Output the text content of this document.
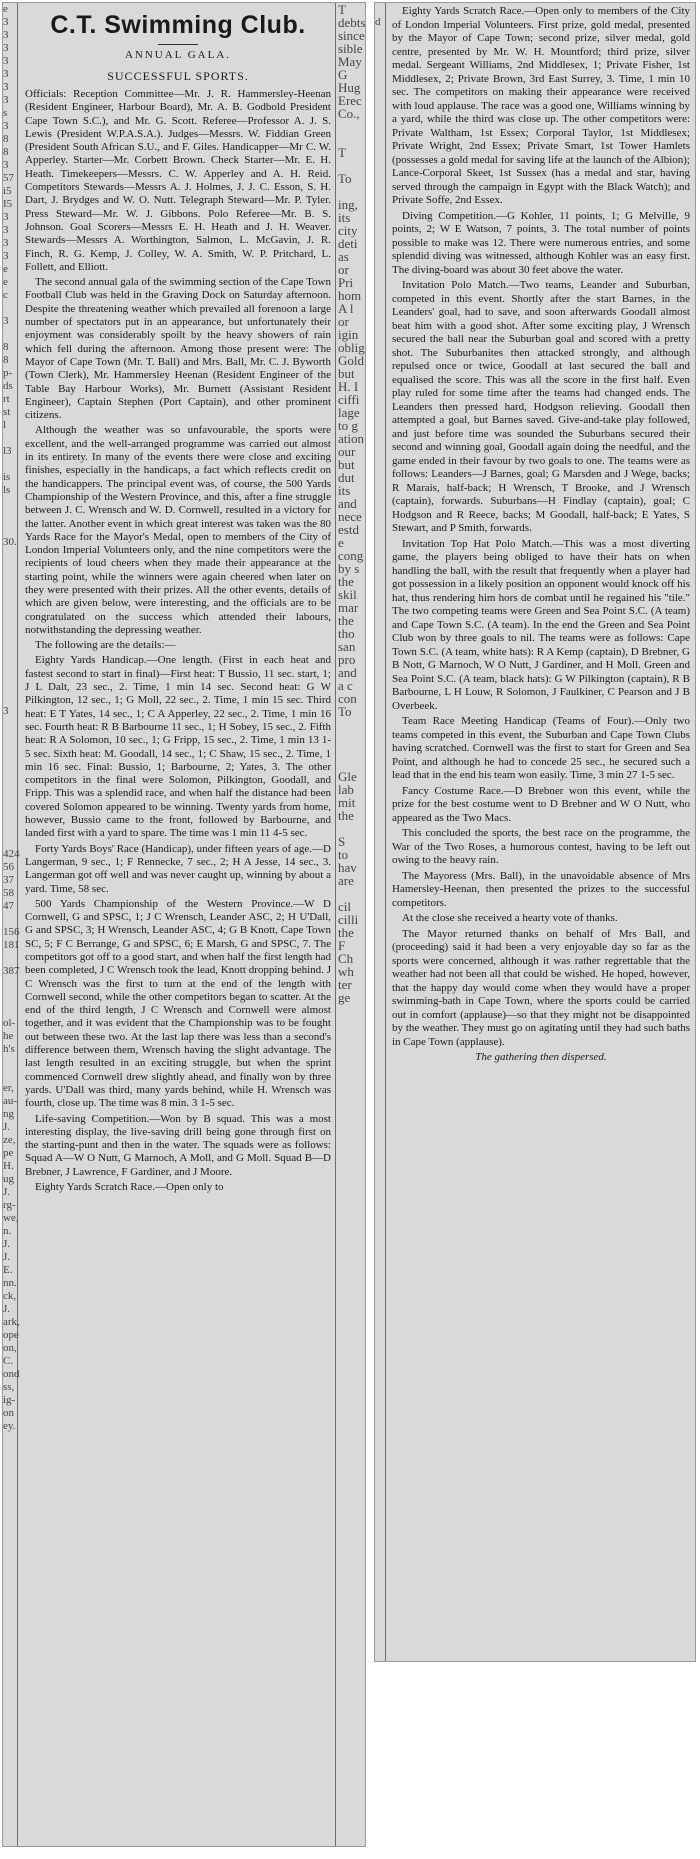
e
3
3
3
3
3
3
3
s
3
8
8
3
57
i5
I5
3
3
3
3
e
e
c

3

8
8
p-
ds
rt
st
l

l3

is
ls

30.

3

424
56
37
58
47

156
181

387

ol-
he
h's

er,
au-
ng
J.
ze,
pe
H.
ug
J.
rg-
we,
n.
J.
J.
E.
nn.
ck,
J.
ark,
ope
on,
C.
ond
ss,
ig-
on
ey.
C.T. Swimming Club.
ANNUAL GALA.
SUCCESSFUL SPORTS.

Officials: Reception Committee—Mr. J. R. Hammersley-Heenan (Resident Engineer, Harbour Board), Mr. A. B. Godbold President Cape Town S.C.), and Mr. G. Scott. Referee—Professor A. J. S. Lewis (President W.P.A.S.A.). Judges—Messrs. W. Fiddian Green (President South African S.U., and F. Giles. Handicapper—Mr C. W. Apperley. Starter—Mr. Corbett Brown. Check Starter—Mr. E. H. Heath. Timekeepers—Messrs. C. W. Apperley and A. H. Reid. Competitors Stewards—Messrs A. J. Holmes, J. J. C. Esson, S. H. Dart, J. Brydges and W. O. Nutt. Telegraph Steward—Mr. P. Tyler. Press Steward—Mr. W. J. Gibbons. Polo Referee—Mr. B. S. Johnson. Goal Scorers—Messrs E. H. Heath and J. H. Weaver. Stewards—Messrs A. Worthington, Salmon, L. McGavin, J. R. Finch, R. G. Kemp, J. Colley, W. A. Smith, W. P. Pritchard, L. Follett, and Elliott.

The second annual gala of the swimming section of the Cape Town Football Club was held in the Graving Dock on Saturday afternoon. Despite the threatening weather which prevailed all forenoon a large number of spectators put in an appearance, but unfortunately their enjoyment was considerably spoilt by the heavy showers of rain which fell during the afternoon. Among those present were: The Mayor of Cape Town (Mr. T. Ball) and Mrs. Ball, Mr. C. J. Byworth (Town Clerk), Mr. Hammersley Heenan (Resident Engineer of the Table Bay Harbour Works), Mr. Burnett (Assistant Resident Engineer), Captain Stephen (Port Captain), and other prominent citizens.

Although the weather was so unfavourable, the sports were excellent, and the well-arranged programme was carried out almost in its entirety. In many of the events there were close and exciting finishes, especially in the handicaps, a fact which reflects credit on the handicappers. The principal event was, of course, the 500 Yards Championship of the Western Province, and this, after a fine struggle between J. C. Wrensch and W. D. Cornwell, resulted in a victory for the latter. Another event in which great interest was taken was the 80 Yards Race for the Mayor's Medal, open to members of the City of London Imperial Volunteers only, and the nine competitors were the recipients of loud cheers when they made their appearance at the starting point, while the winners were again cheered when later on they were presented with their prizes. All the other events, details of which are given below, were interesting, and the officials are to be congratulated on the success which attended their labours, notwithstanding the depressing weather.

The following are the details:—

Eighty Yards Handicap.—One length. (First in each heat and fastest second to start in final)—First heat: T Bussio, 11 sec. start, 1; J L Dalt, 23 sec., 2. Time, 1 min 14 sec. Second heat: G W Pilkington, 12 sec., 1; G Moll, 22 sec., 2. Time, 1 min 15 sec. Third heat: E T Yates, 14 sec., 1; C A Apperley, 22 sec., 2. Time, 1 min 16 sec. Fourth heat: R B Barbourne 11 sec., 1; H Sobey, 15 sec., 2. Fifth heat: R A Solomon, 10 sec., 1; G Fripp, 15 sec., 2. Time, 1 min 13 1-5 sec. Sixth heat: M. Goodall, 14 sec., 1; C Shaw, 15 sec., 2. Time, 1 min 16 sec. Final: Bussio, 1; Barbourne, 2; Yates, 3. The other competitors in the final were Solomon, Pilkington, Goodall, and Fripp. This was a splendid race, and when half the distance had been covered Solomon appeared to be winning. Twenty yards from home, however, Bussio came to the front, followed by Barbourne, and landed first with a yard to spare. The time was 1 min 11 4-5 sec.

Forty Yards Boys' Race (Handicap), under fifteen years of age.—D Langerman, 9 sec., 1; F Rennecke, 7 sec., 2; H A Jesse, 14 sec., 3. Langerman got off well and was never caught up, winning by about a yard. Time, 58 sec.

500 Yards Championship of the Western Province.—W D Cornwell, G and SPSC, 1; J C Wrensch, Leander ASC, 2; H U'Dall, G and SPSC, 3; H Wrensch, Leander ASC, 4; G B Knott, Cape Town SC, 5; F C Berrange, G and SPSC, 6; E Marsh, G and SPSC, 7. The competitors got off to a good start, and when half the first length had been completed, J C Wrensch took the lead, Knott dropping behind. J C Wrensch was the first to turn at the end of the length with Cornwell second, while the other competitors began to scatter. At the end of the third length, J C Wrensch and Cornwell were almost together, and it was evident that the Championship was to be fought out between these two. At the last lap there was less than a second's difference between them, Wrensch having the slight advantage. The last length resulted in an exciting struggle, but when the sprint commenced Cornwell drew slightly ahead, and finally won by three yards. U'Dall was third, many yards behind, while H. Wrensch was fourth, close up. The time was 8 min. 3 1-5 sec.

Life-saving Competition.—Won by B squad. This was a most interesting display, the live-saving drill being gone through first on the starting-punt and then in the water. The squads were as follows: Squad A—W O Nutt, G Marnoch, A Moll, and G Moll. Squad B—D Brebner, J Lawrence, F Gardiner, and J Moore.

Eighty Yards Scratch Race.—Open only to

T
debts
since
sible
May
G
Hug
Erec
Co.,

T

To

ing,
its
city
deti
as
or
Pri
hom
A l
or
igin
oblig
Gold
but
H. I
ciffi
lage
to g
ation
our
but
dut
its
and
nece
estd
e
cong
by s
the
skil
mar
the
tho
san
pro
and
a c
con
To

Gle
lab
mit
the

S
to
hav
are

cil
cilli
the
F
Ch
wh
ter
ge

d

Eighty Yards Scratch Race.—Open only to members of the City of London Imperial Volunteers. First prize, gold medal, presented by the Mayor of Cape Town; second prize, silver medal, gold centre, presented by Mr. W. H. Mountford; third prize, silver medal. Sergeant Williams, 2nd Middlesex, 1; Private Fisher, 1st Middlesex, 2; Private Brown, 3rd East Surrey, 3. Time, 1 min 10 sec. The competitors on making their appearance were received with loud applause. The race was a good one, Williams winning by a yard, while the third was close up. The other competitors were: Private Waltham, 1st Essex; Corporal Taylor, 1st Middlesex; Private Wright, 2nd Essex; Private Smart, 1st Tower Hamlets (possesses a gold medal for saving life at the launch of the Albion); Lance-Corporal Skeet, 1st Sussex (has a medal and star, having served through the campaign in Egypt with the Black Watch); and Private Soffe, 2nd Essex.

Diving Competition.—G Kohler, 11 points, 1; G Melville, 9 points, 2; W E Watson, 7 points, 3. The total number of points possible to make was 12. There were numerous entries, and some splendid diving was witnessed, although Kohler was an easy first. The diving-board was about 30 feet above the water.

Invitation Polo Match.—Two teams, Leander and Suburban, competed in this event. Shortly after the start Barnes, in the Leanders' goal, had to save, and soon afterwards Goodall almost beat him with a good shot. After some exciting play, J Wrensch secured the ball near the Suburban goal and scored with a pretty shot. The Suburbanites then attacked strongly, and although repulsed once or twice, Goodall at last secured the ball and equalised the score. This was all the score in the first half. Even play ruled for some time after the teams had changed ends. The Leanders then pressed hard, Hodgson relieving. Goodall then attempted a goal, but Barnes saved. Give-and-take play followed, and just before time was sounded the Suburbans secured their second and winning goal, Goodall again doing the needful, and the game ended in their favour by two goals to one. The teams were as follows: Leanders—J Barnes, goal; G Marsden and J Wege, backs; R Marais, half-back; H Wrensch, T Brooke, and J Wrensch (captain), forwards. Suburbans—H Findlay (captain), goal; C Hodgson and R Reece, backs; M Goodall, half-back; E Yates, S Stewart, and P Smith, forwards.

Invitation Top Hat Polo Match.—This was a most diverting game, the players being obliged to have their hats on when handling the ball, with the result that frequently when a player had got possession in a likely position an opponent would knock off his hat, thus rendering him hors de combat until he regained his "tile." The two competing teams were Green and Sea Point S.C. (A team) and Cape Town S.C. (A team). In the end the Green and Sea Point Club won by three goals to nil. The teams were as follows: Cape Town S.C. (A team, white hats): R A Kemp (captain), D Brebner, G B Nott, G Marnoch, W O Nutt, J Gardiner, and H Moll. Green and Sea Point S.C. (A team, black hats): G W Pilkington (captain), R B Barbourne, L H Louw, R Solomon, J Faulkiner, C Pearson and J B Overbeek.

Team Race Meeting Handicap (Teams of Four).—Only two teams competed in this event, the Suburban and Cape Town Clubs having scratched. Cornwell was the first to start for Green and Sea Point, and although he had to concede 25 sec., he secured such a lead that in the end his team won easily. Time, 3 min 27 1-5 sec.

Fancy Costume Race.—D Brebner won this event, while the prize for the best costume went to D Brebner and W O Nutt, who appeared as the Two Macs.

This concluded the sports, the best race on the programme, the War of the Two Roses, a humorous contest, having to be left out owing to the heavy rain.

The Mayoress (Mrs. Ball), in the unavoidable absence of Mrs Hamersley-Heenan, then presented the prizes to the successful competitors.

At the close she received a hearty vote of thanks.

The Mayor returned thanks on behalf of Mrs Ball, and (proceeding) said it had been a very enjoyable day so far as the sports were concerned, although it was rather regrettable that the weather had not been all that could be wished. He hoped, however, that the happy day would come when they would have a proper swimming-bath in Cape Town, where the sports could be carried out in comfort (applause)—so that they might not be disappointed by the weather. They must go on agitating until they had such baths in Cape Town (applause).

The gathering then dispersed.
